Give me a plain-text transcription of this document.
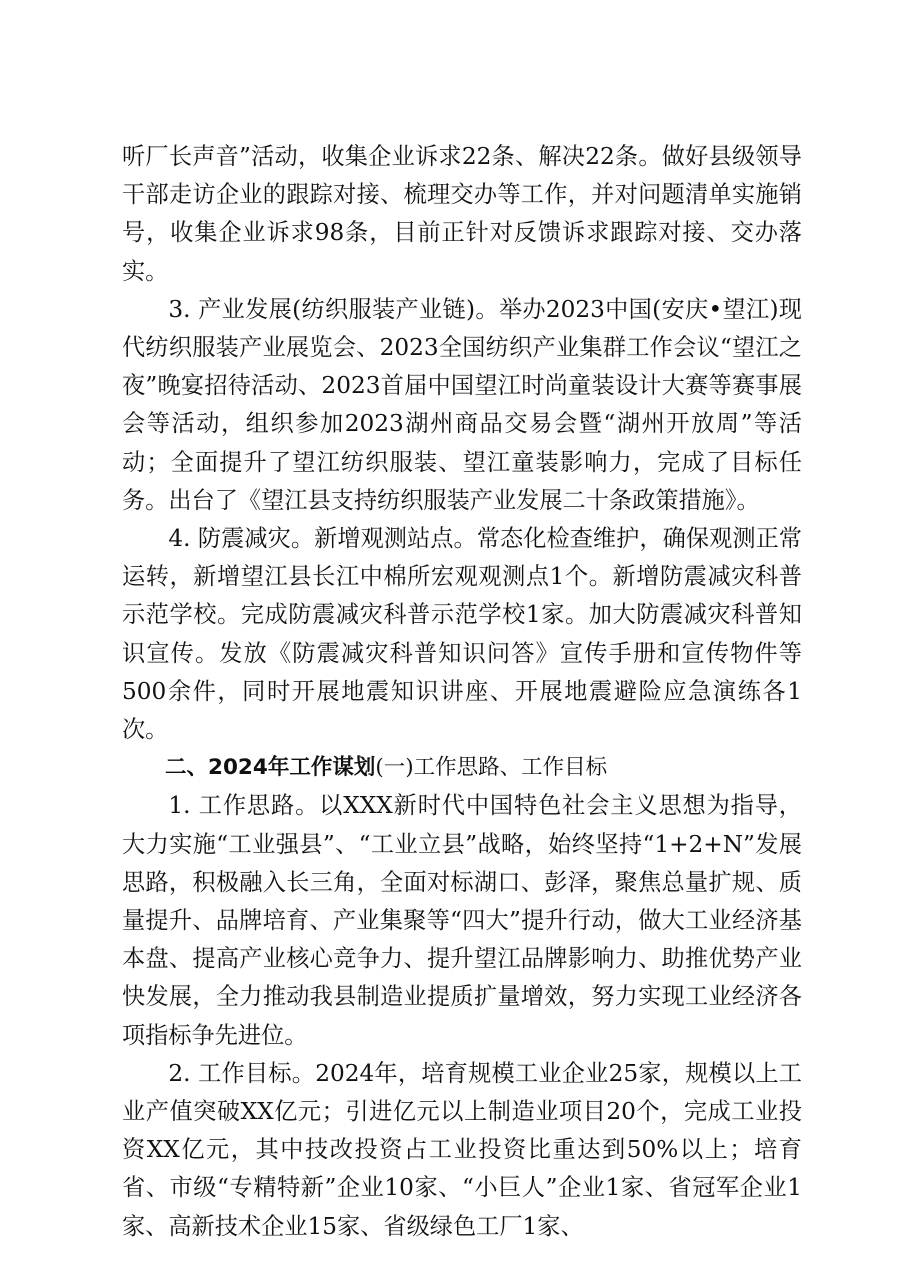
听厂长声音”活动，收集企业诉求22条、解决22条。做好县级领导干部走访企业的跟踪对接、梳理交办等工作，并对问题清单实施销号，收集企业诉求98条，目前正针对反馈诉求跟踪对接、交办落实。

3. 产业发展(纺织服装产业链)。举办2023中国(安庆•望江)现代纺织服装产业展览会、2023全国纺织产业集群工作会议“望江之夜”晚宴招待活动、2023首届中国望江时尚童装设计大赛等赛事展会等活动，组织参加2023湖州商品交易会暨“湖州开放周”等活动；全面提升了望江纺织服装、望江童装影响力，完成了目标任务。出台了《望江县支持纺织服装产业发展二十条政策措施》。

4. 防震减灾。新增观测站点。常态化检查维护，确保观测正常运转，新增望江县长江中棉所宏观观测点1个。新增防震减灾科普示范学校。完成防震减灾科普示范学校1家。加大防震减灾科普知识宣传。发放《防震减灾科普知识问答》宣传手册和宣传物件等500余件，同时开展地震知识讲座、开展地震避险应急演练各1次。

二、2024年工作谋划(一)工作思路、工作目标

1. 工作思路。以XXX新时代中国特色社会主义思想为指导，大力实施“工业强县”、“工业立县”战略，始终坚持“1+2+N”发展思路，积极融入长三角，全面对标湖口、彭泽，聚焦总量扩规、质量提升、品牌培育、产业集聚等“四大”提升行动，做大工业经济基本盘、提高产业核心竞争力、提升望江品牌影响力、助推优势产业快发展，全力推动我县制造业提质扩量增效，努力实现工业经济各项指标争先进位。

2. 工作目标。2024年，培育规模工业企业25家，规模以上工业产值突破XX亿元；引进亿元以上制造业项目20个，完成工业投资XX亿元，其中技改投资占工业投资比重达到50%以上；培育省、市级“专精特新”企业10家、“小巨人”企业1家、省冠军企业1家、高新技术企业15家、省级绿色工厂1家、
